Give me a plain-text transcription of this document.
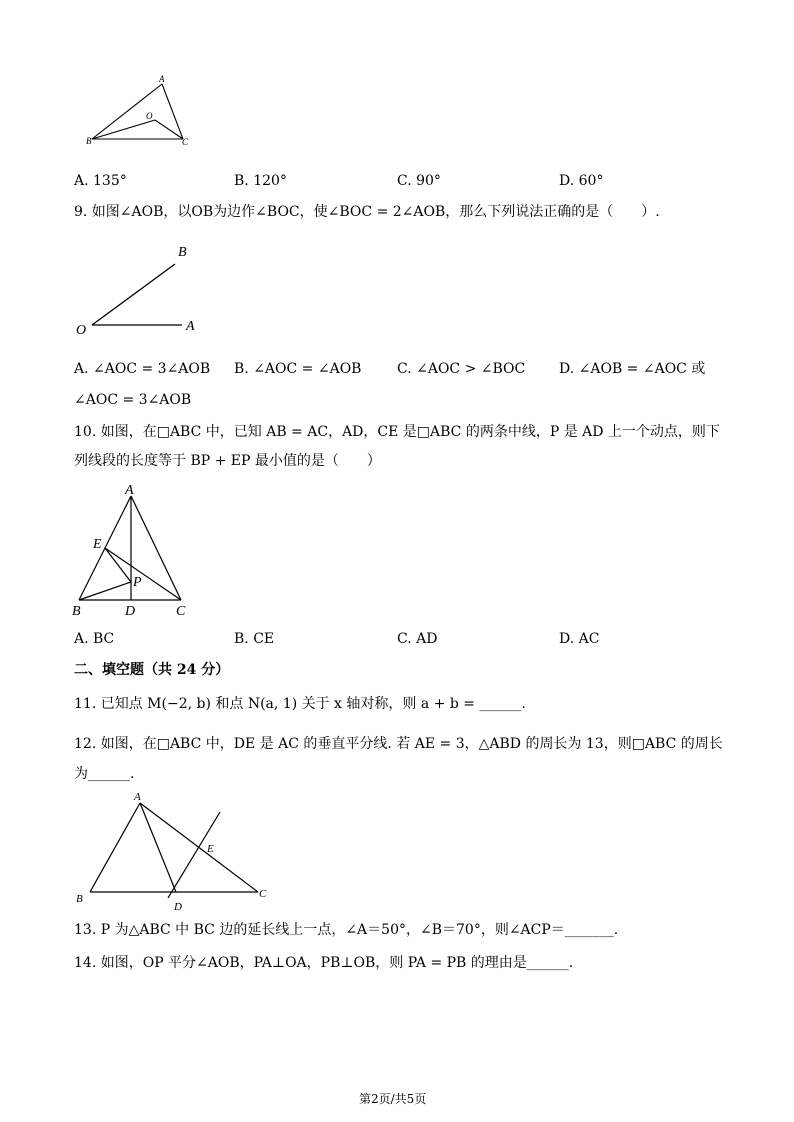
A
O
B	C
A. 135°	B. 120°	C. 90°	D. 60°
9. 如图∠AOB，以OB为边作∠BOC，使∠BOC = 2∠AOB，那么下列说法正确的是（　　）.
B
O	A
A. ∠AOC = 3∠AOB B. ∠AOC = ∠AOB	C. ∠AOC > ∠BOC D. ∠AOB = ∠AOC 或
∠AOC = 3∠AOB
10. 如图，在□ABC 中，已知 AB = AC，AD，CE 是□ABC 的两条中线，P 是 AD 上一个动点，则下
列线段的长度等于 BP + EP 最小值的是（　　）
A
E
P
B	D	C
A. BC	B. CE	C. AD	D. AC
二、填空题（共 24 分）
11. 已知点 M(−2, b) 和点 N(a, 1) 关于 x 轴对称，则 a + b = ______.
12. 如图，在□ABC 中，DE 是 AC 的垂直平分线. 若 AE = 3，△ABD 的周长为 13，则□ABC 的周长
为______.
A
E
B
D
C
13. P 为△ABC 中 BC 边的延长线上一点，∠A＝50°，∠B＝70°，则∠ACP＝_______.
14. 如图，OP 平分∠AOB，PA⊥OA，PB⊥OB，则 PA = PB 的理由是______.
第2页/共5页
